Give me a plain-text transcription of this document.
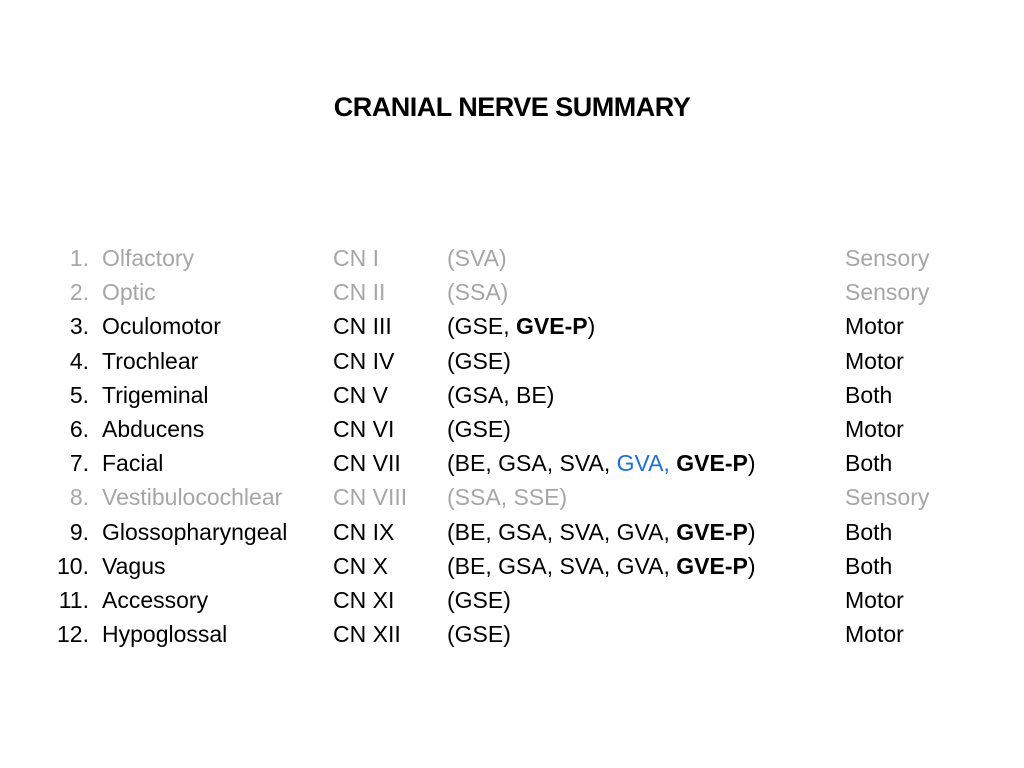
CRANIAL NERVE SUMMARY
1. Olfactory	CN I	(SVA)	Sensory
2. Optic	CN II	(SSA)	Sensory
3. Oculomotor	CN III (GSE, GVE-P)	Motor
4. Trochlear	CN IV (GSE)	Motor
5. Trigeminal	CN V	(GSA, BE)	Both
6. Abducens	CN VI (GSE)	Motor
7. Facial	CN VII (BE, GSA, SVA, GVA, GVE-P)	Both
8. Vestibulocochlear CN VIII (SSA, SSE)	Sensory
9. Glossopharyngeal CN IX (BE, GSA, SVA, GVA, GVE-P)	Both
10. Vagus	CN X	(BE, GSA, SVA, GVA, GVE-P)	Both
11. Accessory	CN XI (GSE)	Motor
12. Hypoglossal	CN XII (GSE)	Motor
